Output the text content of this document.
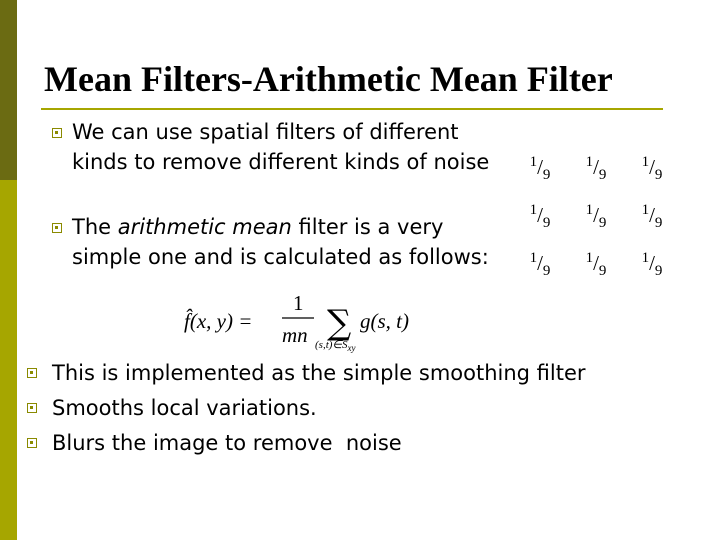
Mean Filters-Arithmetic Mean Filter
We can use spatial filters of different kinds to remove different kinds of noise
The arithmetic mean filter is a very simple one and is calculated as follows:
f̂(x, y) =
1
mn ∑
$(s,t)\in S_{xy}$
g(s, t)
$^1/_9$	$^1/_9$	$^1/_9$
$^1/_9$	$^1/_9$	$^1/_9$
$^1/_9$	$^1/_9$	$^1/_9$
This is implemented as the simple smoothing filter
Smooths local variations.
Blurs the image to remove  noise
